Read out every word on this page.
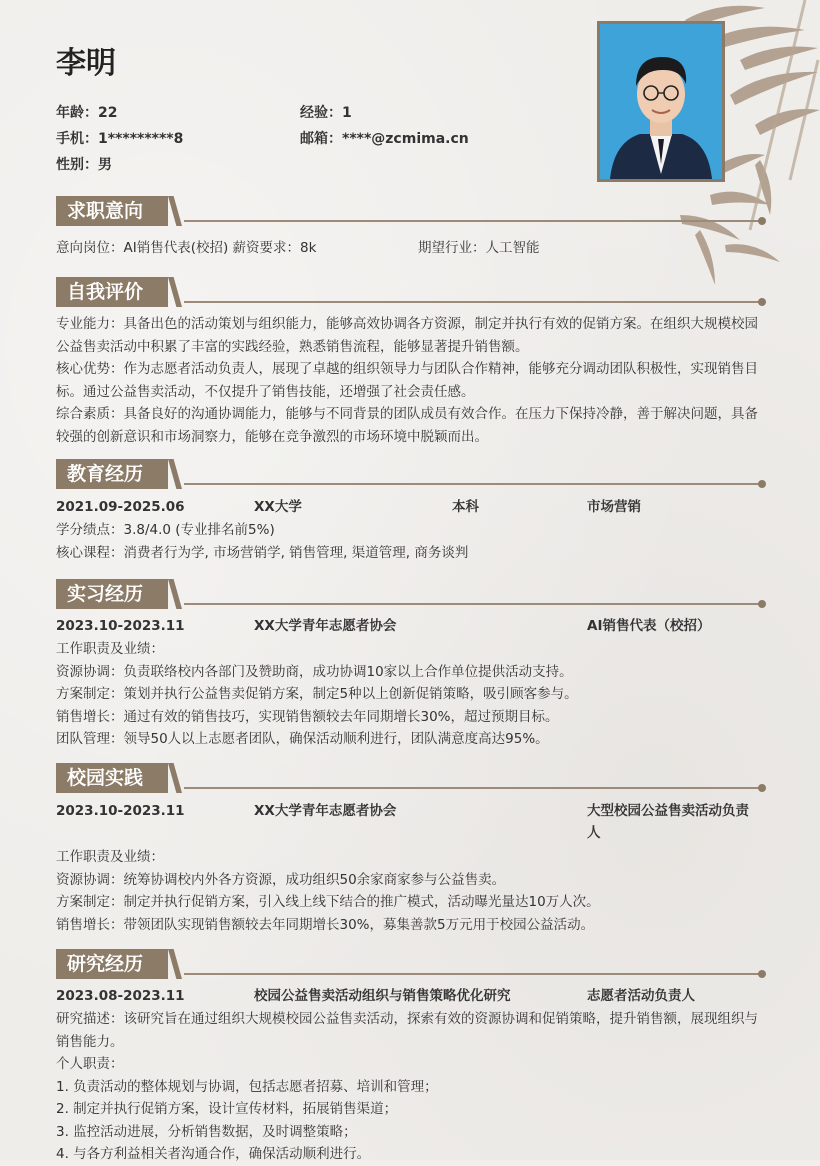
李明
年龄：22	经验：1
手机：1*********8	邮箱：****@zcmima.cn
性别：男
求职意向
意向岗位：AI销售代表(校招) 薪资要求：8k	期望行业：人工智能
自我评价
专业能力：具备出色的活动策划与组织能力，能够高效协调各方资源，制定并执行有效的促销方案。在组织大规模校园公益售卖活动中积累了丰富的实践经验，熟悉销售流程，能够显著提升销售额。
核心优势：作为志愿者活动负责人，展现了卓越的组织领导力与团队合作精神，能够充分调动团队积极性，实现销售目标。通过公益售卖活动，不仅提升了销售技能，还增强了社会责任感。
综合素质：具备良好的沟通协调能力，能够与不同背景的团队成员有效合作。在压力下保持冷静，善于解决问题，具备较强的创新意识和市场洞察力，能够在竞争激烈的市场环境中脱颖而出。
教育经历
2021.09-2025.06	XX大学	本科	市场营销
学分绩点：3.8/4.0 (专业排名前5%)
核心课程：消费者行为学, 市场营销学, 销售管理, 渠道管理, 商务谈判
实习经历
2023.10-2023.11	XX大学青年志愿者协会	AI销售代表（校招）
工作职责及业绩：
资源协调：负责联络校内各部门及赞助商，成功协调10家以上合作单位提供活动支持。
方案制定：策划并执行公益售卖促销方案，制定5种以上创新促销策略，吸引顾客参与。
销售增长：通过有效的销售技巧，实现销售额较去年同期增长30%，超过预期目标。
团队管理：领导50人以上志愿者团队，确保活动顺利进行，团队满意度高达95%。
校园实践
2023.10-2023.11	XX大学青年志愿者协会	大型校园公益售卖活动负责人
工作职责及业绩：
资源协调：统筹协调校内外各方资源，成功组织50余家商家参与公益售卖。
方案制定：制定并执行促销方案，引入线上线下结合的推广模式，活动曝光量达10万人次。
销售增长：带领团队实现销售额较去年同期增长30%，募集善款5万元用于校园公益活动。
研究经历
2023.08-2023.11	校园公益售卖活动组织与销售策略优化研究	志愿者活动负责人
研究描述：该研究旨在通过组织大规模校园公益售卖活动，探索有效的资源协调和促销策略，提升销售额，展现组织与销售能力。
个人职责：
1. 负责活动的整体规划与协调，包括志愿者招募、培训和管理；
2. 制定并执行促销方案，设计宣传材料，拓展销售渠道；
3. 监控活动进展，分析销售数据，及时调整策略；
4. 与各方利益相关者沟通合作，确保活动顺利进行。
